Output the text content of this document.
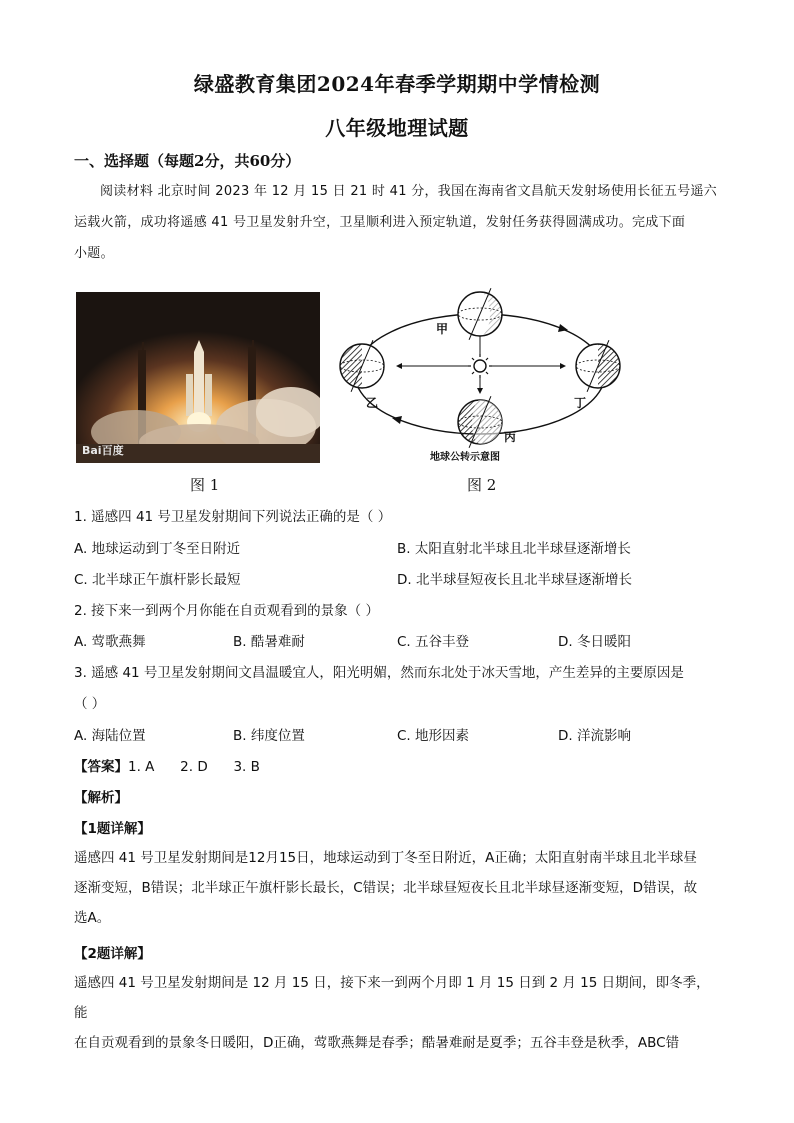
绿盛教育集团2024年春季学期期中学情检测
八年级地理试题
一、选择题（每题2分，共60分）
阅读材料 北京时间 2023 年 12 月 15 日 21 时 41 分，我国在海南省文昌航天发射场使用长征五号遥六
运载火箭，成功将遥感 41 号卫星发射升空，卫星顺利进入预定轨道，发射任务获得圆满成功。完成下面
小题。
Bai百度
甲
乙
丙
丁
地球公转示意图
图 1	图 2
1. 遥感四 41 号卫星发射期间下列说法正确的是（ ）
A. 地球运动到丁冬至日附近	B. 太阳直射北半球且北半球昼逐渐增长
C. 北半球正午旗杆影长最短	D. 北半球昼短夜长且北半球昼逐渐增长
2. 接下来一到两个月你能在自贡观看到的景象（ ）
A. 莺歌燕舞	B. 酷暑难耐	C. 五谷丰登	D. 冬日暖阳
3. 遥感 41 号卫星发射期间文昌温暖宜人，阳光明媚，然而东北处于冰天雪地，产生差异的主要原因是
（ ）
A. 海陆位置	B. 纬度位置	C. 地形因素	D. 洋流影响
【答案】1. A      2. D      3. B
【解析】
【1题详解】
遥感四 41 号卫星发射期间是12月15日，地球运动到丁冬至日附近，A正确；太阳直射南半球且北半球昼
逐渐变短，B错误；北半球正午旗杆影长最长，C错误；北半球昼短夜长且北半球昼逐渐变短，D错误，故
选A。
【2题详解】
遥感四 41 号卫星发射期间是 12 月 15 日，接下来一到两个月即 1 月 15 日到 2 月 15 日期间，即冬季，能
在自贡观看到的景象冬日暖阳，D正确，莺歌燕舞是春季；酷暑难耐是夏季；五谷丰登是秋季，ABC错
